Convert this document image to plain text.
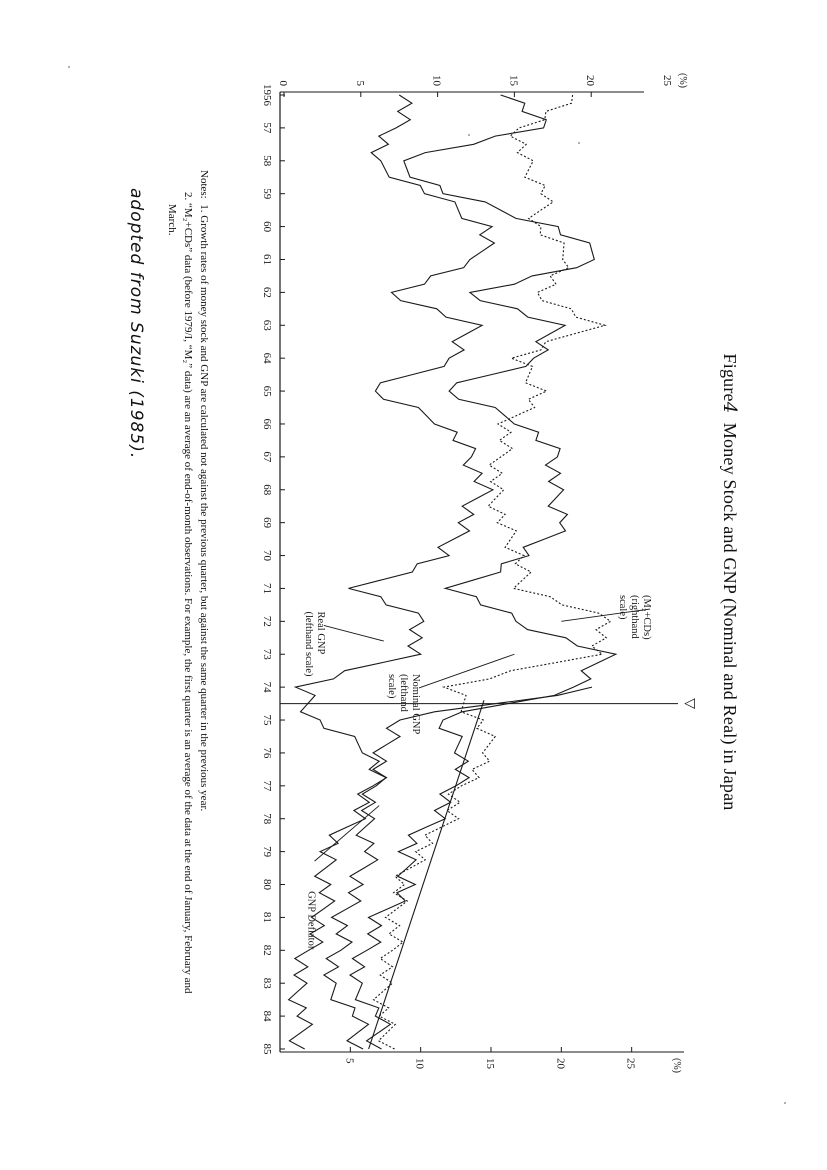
Figure4  Money Stock and GNP (Nominal and Real) in Japan
1956
57
58
59
60
61
62
63
64
65
66
67
68
69
70
71
72
73
74
75
76
77
78
79
80
81
82
83
84
85
0	5	10	15	20	25 (%)
5	10	15	20	25	(%)
▽
(M₂+CDs)
(righthand
scale)
Nominal GNP
(lefthand
scale)
Real GNP
(lefthand scale)
GNP Deflator

Notes:  1. Growth rates of money stock and GNP are calculated not against the previous quarter, but against the same quarter in the previous year.

2. “M₂+CDs” data (before 1979/I, “M₂” data) are an average of end-of-month observations. For example, the first quarter is an average of the data at the end of January, February and March.

adopted from Suzuki (1985).
